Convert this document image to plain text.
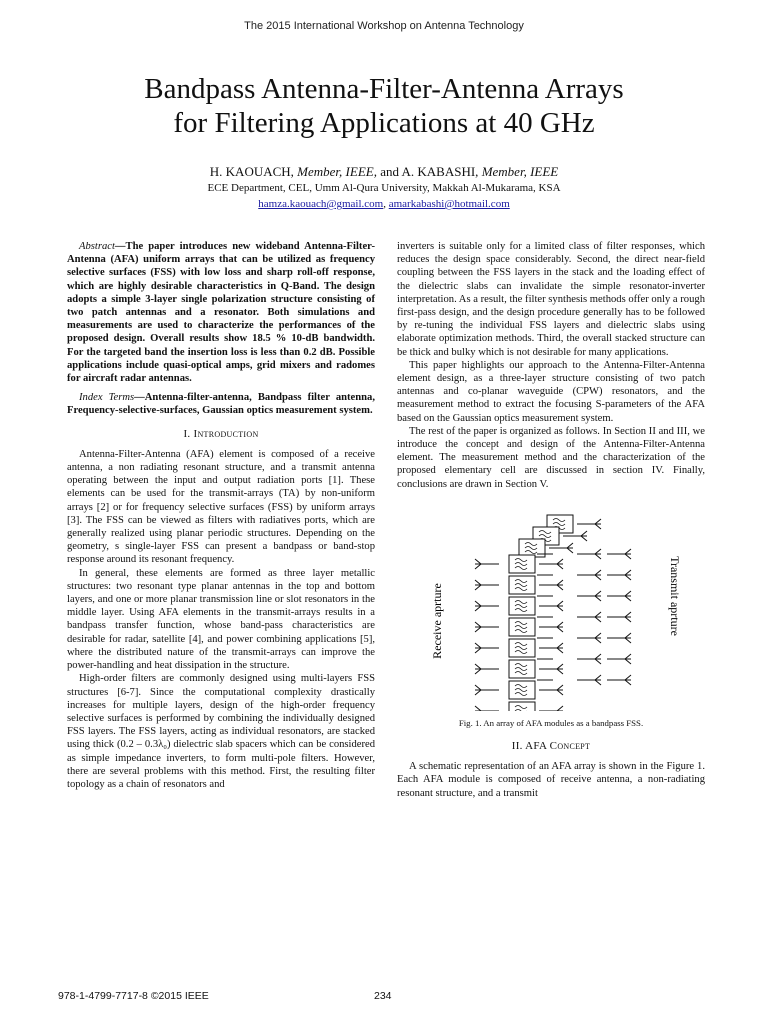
The 2015 International Workshop on Antenna Technology
Bandpass Antenna-Filter-Antenna Arrays
for Filtering Applications at 40 GHz
H. KAOUACH, Member, IEEE, and A. KABASHI, Member, IEEE
ECE Department, CEL, Umm Al-Qura University, Makkah Al-Mukarama, KSA
hamza.kaouach@gmail.com, amarkabashi@hotmail.com

Abstract—The paper introduces new wideband Antenna-Filter-Antenna (AFA) uniform arrays that can be utilized as frequency selective surfaces (FSS) with low loss and sharp roll-off response, which are highly desirable characteristics in Q-Band. The design adopts a simple 3-layer single polarization structure consisting of two patch antennas and a resonator. Both simulations and measurements are used to characterize the performances of the proposed design. Overall results show 18.5 % 10-dB bandwidth. For the targeted band the insertion loss is less than 0.2 dB. Possible applications include quasi-optical amps, grid mixers and radomes for aircraft radar antennas.

Index Terms—Antenna-filter-antenna, Bandpass filter antenna, Frequency-selective-surfaces, Gaussian optics measurement system.

I. Introduction

Antenna-Filter-Antenna (AFA) element is composed of a receive antenna, a non radiating resonant structure, and a transmit antenna operating between the input and output radiation ports [1]. These elements can be used for the transmit-arrays (TA) by non-uniform arrays [2] or for frequency selective surfaces (FSS) by uniform arrays [3]. The FSS can be viewed as filters with radiatives ports, which are generally realized using planar periodic structures. Depending on the geometry, s single-layer FSS can present a bandpass or band-stop response around its resonant frequency.

In general, these elements are formed as three layer metallic structures: two resonant type planar antennas in the top and bottom layers, and one or more planar transmission line or slot resonators in the middle layer. Using AFA elements in the transmit-arrays results in a bandpass transfer function, whose band-pass characteristics are desirable for radar, satellite [4], and power combining applications [5], where the distributed nature of the transmit-arrays can improve the power-handling and heat dissipation in the structure.

High-order filters are commonly designed using multi-layers FSS structures [6-7]. Since the computational complexity drastically increases for multiple layers, design of the high-order frequency selective surfaces is performed by combining the individually designed FSS layers. The FSS layers, acting as individual resonators, are stacked using thick (0.2 – 0.3λ₀) dielectric slab spacers which can be considered as simple impedance inverters, to form multi-pole filters. However, there are several problems with this method. First, the resulting filter topology as a chain of resonators and

inverters is suitable only for a limited class of filter responses, which reduces the design space considerably. Second, the direct near-field coupling between the FSS layers in the stack and the loading effect of the dielectric slabs can invalidate the simple resonator-inverter interpretation. As a result, the filter synthesis methods offer only a rough first-pass design, and the design procedure generally has to be followed by re-tuning the individual FSS layers and dielectric slabs using elaborate optimization methods. Third, the overall stacked structure can be thick and bulky which is not desirable for many applications.

This paper highlights our approach to the Antenna-Filter-Antenna element design, as a three-layer structure consisting of two patch antennas and co-planar waveguide (CPW) resonators, and the measurement method to extract the focusing S-parameters of the AFA based on the Gaussian optics measurement system.

The rest of the paper is organized as follows. In Section II and III, we introduce the concept and design of the Antenna-Filter-Antenna element. The measurement method and the characterization of the proposed elementary cell are discussed in section IV. Finally, conclusions are drawn in Section V.

Receive aprture	Transmit aprture

Fig. 1. An array of AFA modules as a bandpass FSS.

II. AFA Concept

A schematic representation of an AFA array is shown in the Figure 1. Each AFA module is composed of receive antenna, a non-radiating resonant structure, and a transmit

978-1-4799-7717-8 ©2015 IEEE	234
